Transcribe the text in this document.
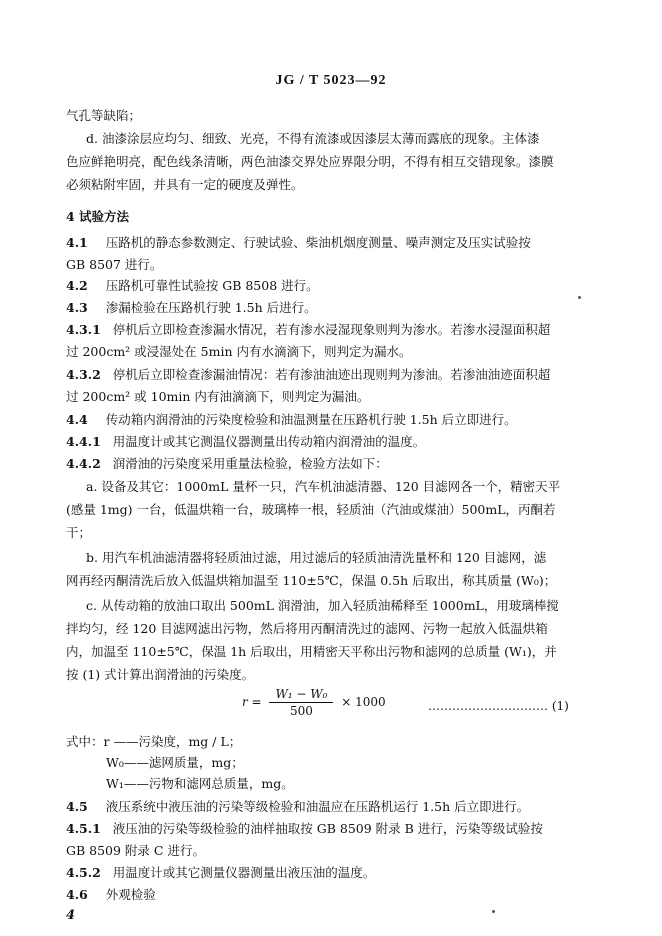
JG / T 5023—92
气孔等缺陷；
d. 油漆涂层应均匀、细致、光亮，不得有流漆或因漆层太薄而露底的现象。主体漆
色应鲜艳明亮，配色线条清晰，两色油漆交界处应界限分明，不得有相互交错现象。漆膜
必须粘附牢固，并具有一定的硬度及弹性。
4 试验方法
4.1 压路机的静态参数测定、行驶试验、柴油机烟度测量、噪声测定及压实试验按
GB 8507 进行。
4.2 压路机可靠性试验按 GB 8508 进行。
4.3 渗漏检验在压路机行驶 1.5h 后进行。
4.3.1 停机后立即检查渗漏水情况，若有渗水浸湿现象则判为渗水。若渗水浸湿面积超
过 200cm² 或浸湿处在 5min 内有水滴滴下，则判定为漏水。
4.3.2 停机后立即检查渗漏油情况：若有渗油油迹出现则判为渗油。若渗油油迹面积超
过 200cm² 或 10min 内有油滴滴下，则判定为漏油。
4.4 传动箱内润滑油的污染度检验和油温测量在压路机行驶 1.5h 后立即进行。
4.4.1 用温度计或其它测温仪器测量出传动箱内润滑油的温度。
4.4.2 润滑油的污染度采用重量法检验，检验方法如下：
a. 设备及其它：1000mL 量杯一只，汽车机油滤清器、120 目滤网各一个，精密天平
(感量 1mg) 一台，低温烘箱一台，玻璃棒一根，轻质油（汽油或煤油）500mL，丙酮若
干；
b. 用汽车机油滤清器将轻质油过滤，用过滤后的轻质油清洗量杯和 120 目滤网，滤
网再经丙酮清洗后放入低温烘箱加温至 110±5℃，保温 0.5h 后取出，称其质量 (W₀)；
c. 从传动箱的放油口取出 500mL 润滑油，加入轻质油稀释至 1000mL，用玻璃棒搅
拌均匀，经 120 目滤网滤出污物，然后将用丙酮清洗过的滤网、污物一起放入低温烘箱
内，加温至 110±5℃，保温 1h 后取出，用精密天平称出污物和滤网的总质量 (W₁)，并
按 (1) 式计算出润滑油的污染度。
$r = \frac{\text{W₁ − W₀}}{500} \times 1000$	………………………… (1)
式中：r ——污染度，mg / L；
W₀——滤网质量，mg；
W₁——污物和滤网总质量，mg。
4.5 液压系统中液压油的污染等级检验和油温应在压路机运行 1.5h 后立即进行。
4.5.1 液压油的污染等级检验的油样抽取按 GB 8509 附录 B 进行，污染等级试验按
GB 8509 附录 C 进行。
4.5.2 用温度计或其它测量仪器测量出液压油的温度。
4.6 外观检验
4
